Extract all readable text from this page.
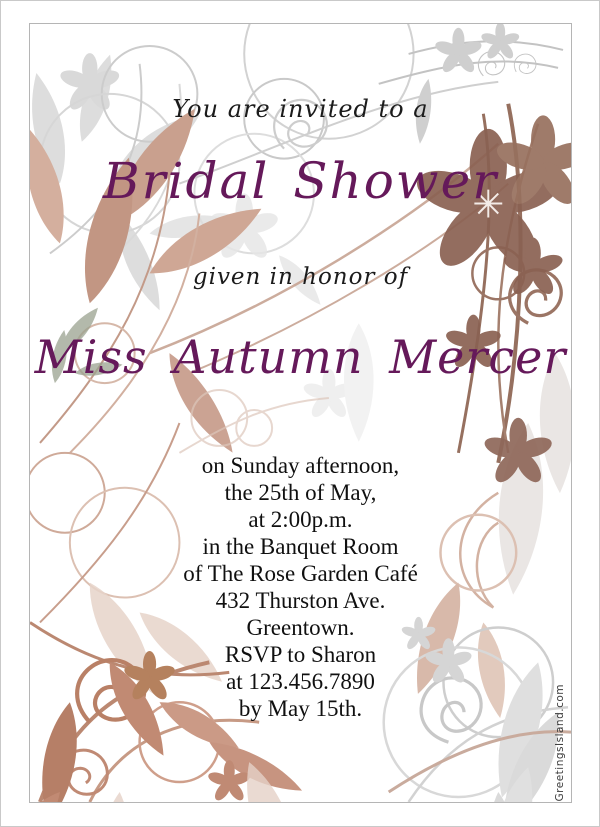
You are invited to a
Bridal Shower
given in honor of
Miss Autumn Mercer
on Sunday afternoon,
the 25th of May,
at 2:00p.m.
in the Banquet Room
of The Rose Garden Café
432 Thurston Ave.
Greentown.
RSVP to Sharon
at 123.456.7890
by May 15th.	GreetingsIsland.com
